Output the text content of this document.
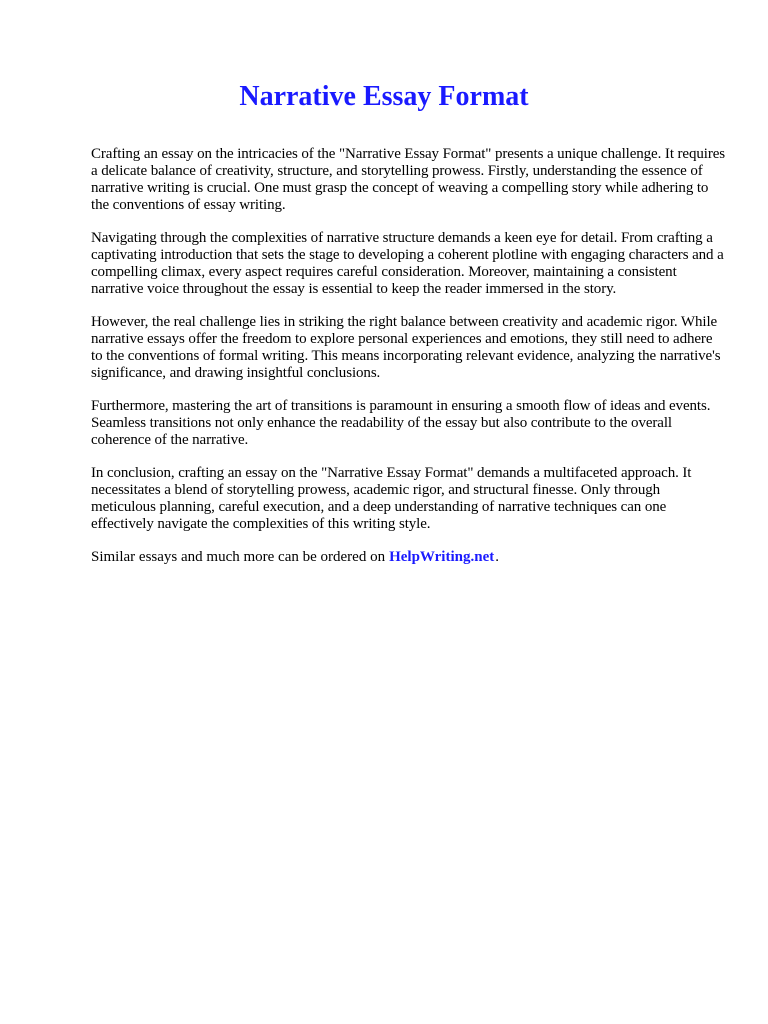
Narrative Essay Format

Crafting an essay on the intricacies of the "Narrative Essay Format" presents a unique challenge. It requires a delicate balance of creativity, structure, and storytelling prowess. Firstly, understanding the essence of narrative writing is crucial. One must grasp the concept of weaving a compelling story while adhering to the conventions of essay writing.

Navigating through the complexities of narrative structure demands a keen eye for detail. From crafting a captivating introduction that sets the stage to developing a coherent plotline with engaging characters and a compelling climax, every aspect requires careful consideration. Moreover, maintaining a consistent narrative voice throughout the essay is essential to keep the reader immersed in the story.

However, the real challenge lies in striking the right balance between creativity and academic rigor. While narrative essays offer the freedom to explore personal experiences and emotions, they still need to adhere to the conventions of formal writing. This means incorporating relevant evidence, analyzing the narrative's significance, and drawing insightful conclusions.

Furthermore, mastering the art of transitions is paramount in ensuring a smooth flow of ideas and events. Seamless transitions not only enhance the readability of the essay but also contribute to the overall coherence of the narrative.

In conclusion, crafting an essay on the "Narrative Essay Format" demands a multifaceted approach. It necessitates a blend of storytelling prowess, academic rigor, and structural finesse. Only through meticulous planning, careful execution, and a deep understanding of narrative techniques can one effectively navigate the complexities of this writing style.

Similar essays and much more can be ordered on HelpWriting.net.
